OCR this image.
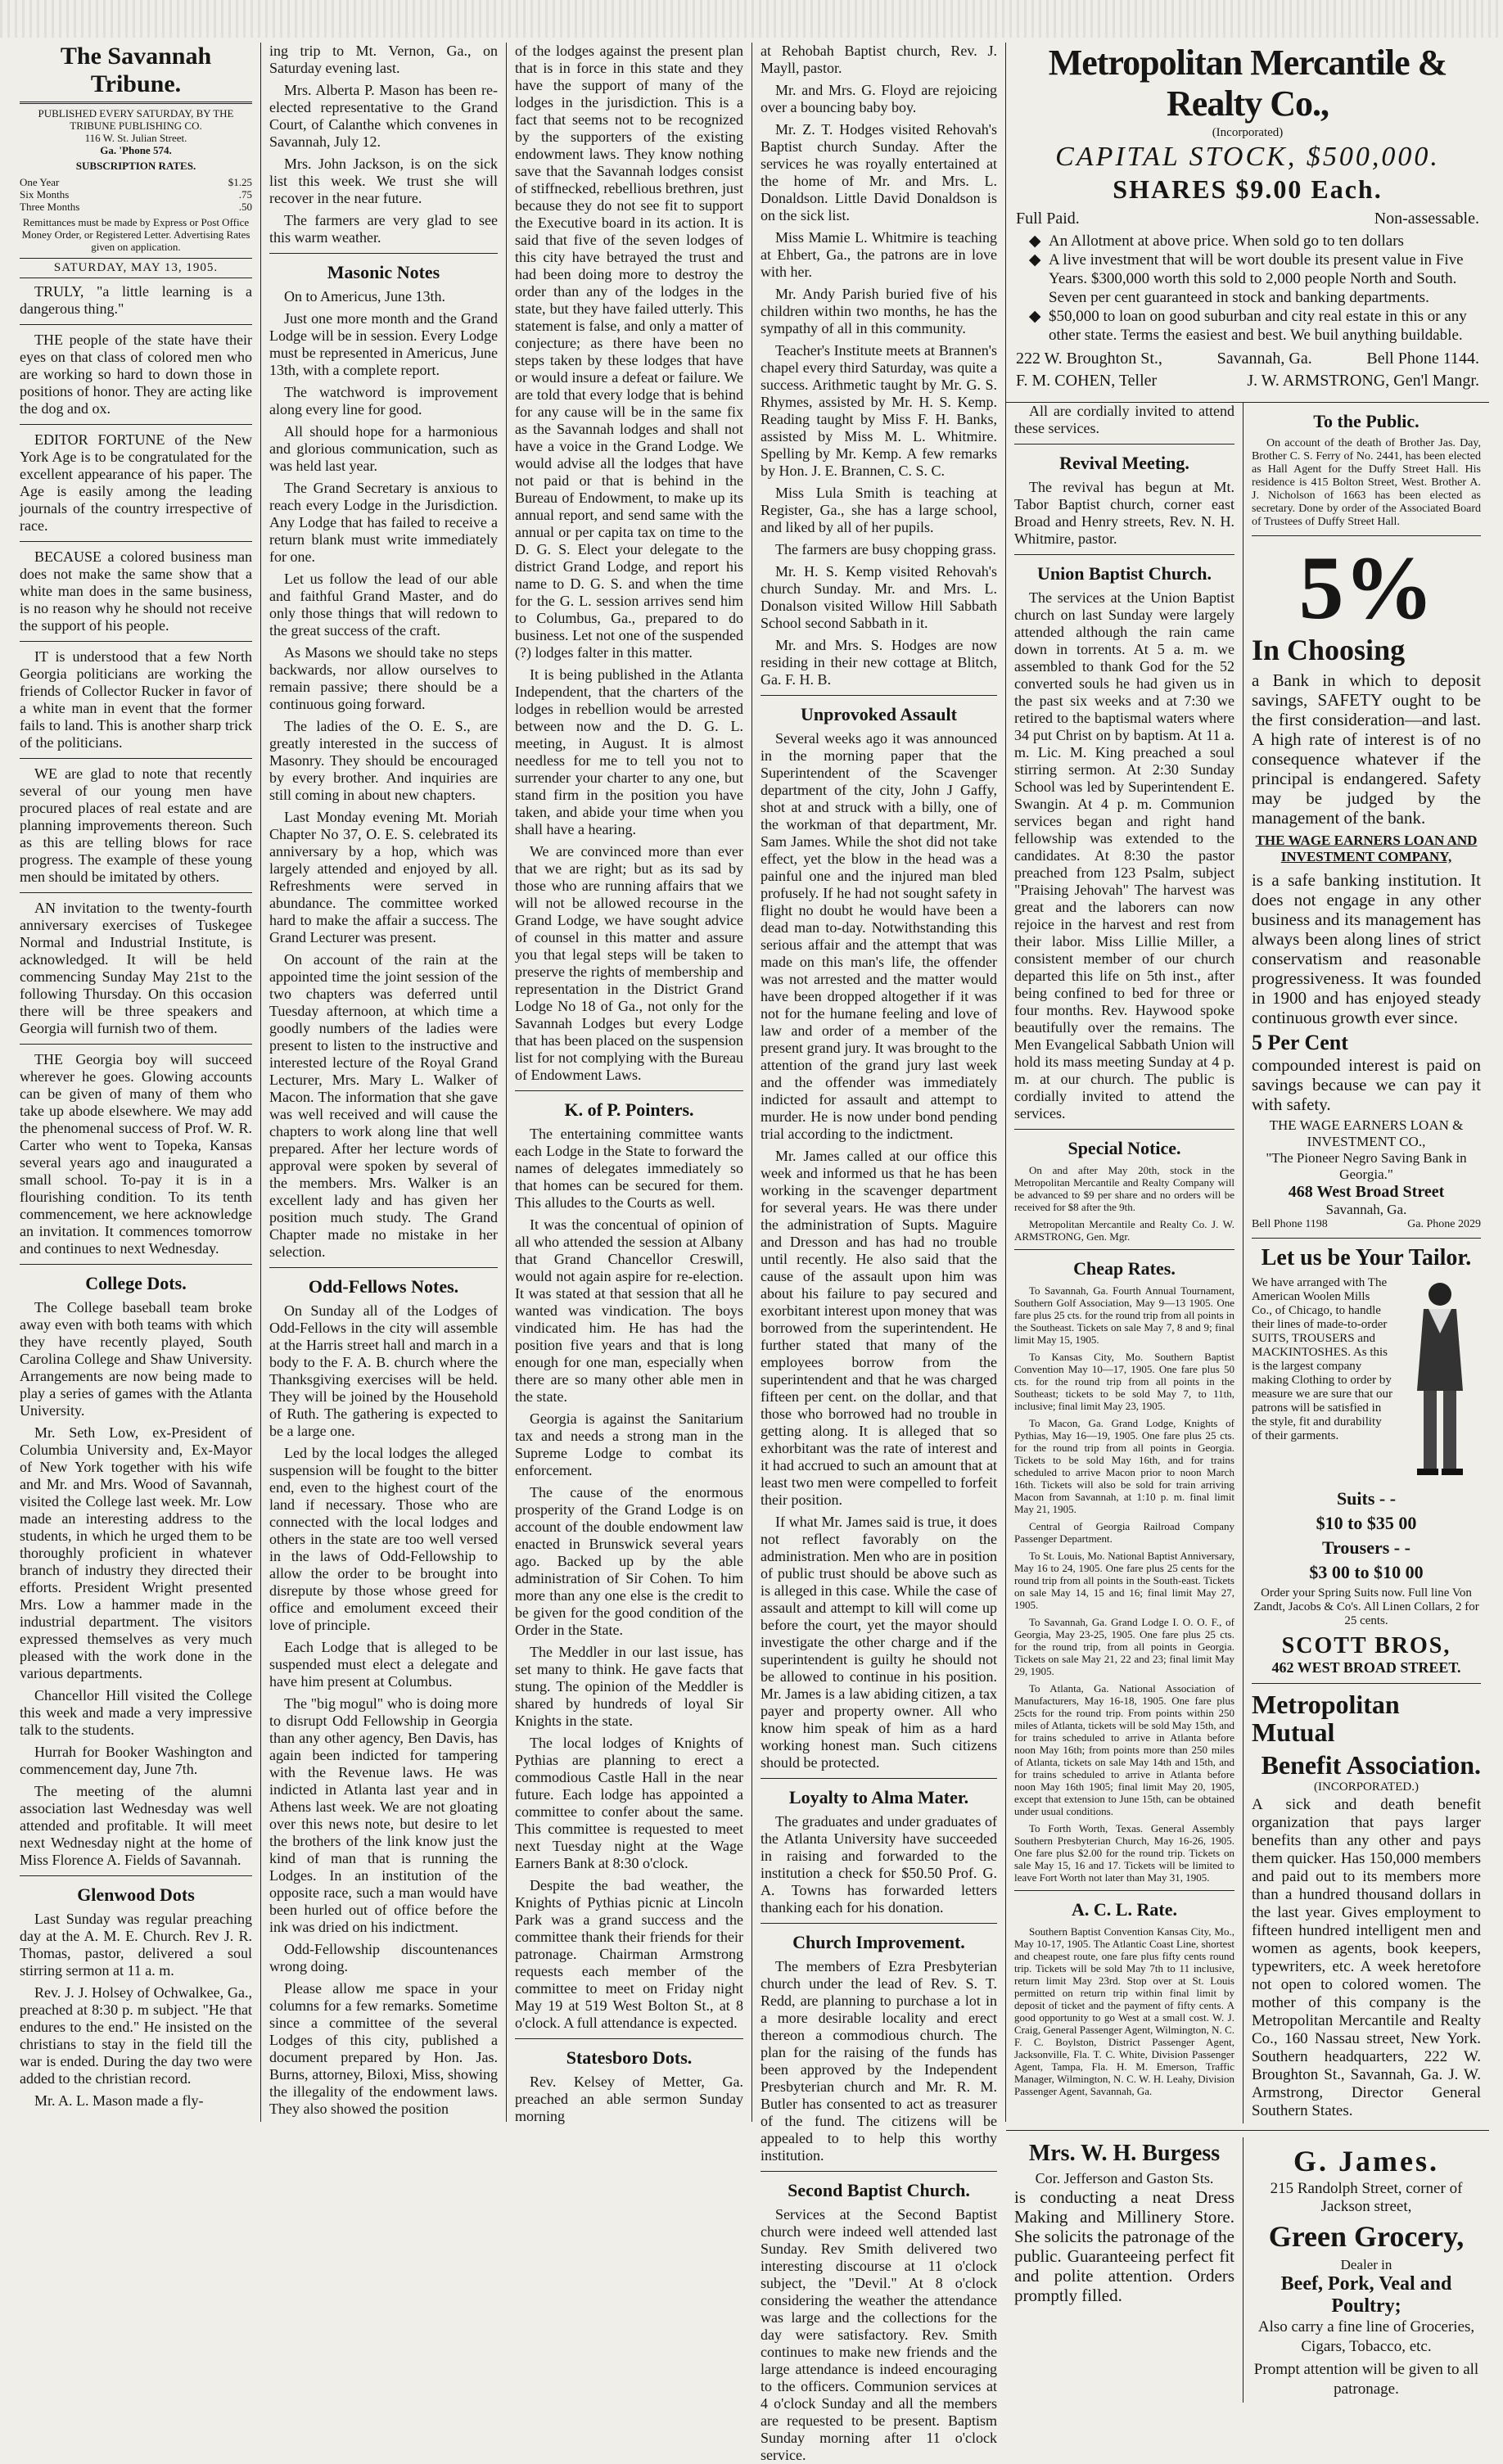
The Savannah Tribune.

PUBLISHED EVERY SATURDAY, BY THE TRIBUNE PUBLISHING CO.

116 W. St. Julian Street.

Ga. 'Phone 574.

SUBSCRIPTION RATES.
One Year	$1.25
Six Months	.75
Three Months	.50

Remittances must be made by Express or Post Office Money Order, or Registered Letter. Advertising Rates given on application.

SATURDAY, MAY 13, 1905.

TRULY, "a little learning is a dangerous thing."

THE people of the state have their eyes on that class of colored men who are working so hard to down those in positions of honor. They are acting like the dog and ox.

EDITOR FORTUNE of the New York Age is to be congratulated for the excellent appearance of his paper. The Age is easily among the leading journals of the country irrespective of race.

BECAUSE a colored business man does not make the same show that a white man does in the same business, is no reason why he should not receive the support of his people.

IT is understood that a few North Georgia politicians are working the friends of Collector Rucker in favor of a white man in event that the former fails to land. This is another sharp trick of the politicians.

WE are glad to note that recently several of our young men have procured places of real estate and are planning improvements thereon. Such as this are telling blows for race progress. The example of these young men should be imitated by others.

AN invitation to the twenty-fourth anniversary exercises of Tuskegee Normal and Industrial Institute, is acknowledged. It will be held commencing Sunday May 21st to the following Thursday. On this occasion there will be three speakers and Georgia will furnish two of them.

THE Georgia boy will succeed wherever he goes. Glowing accounts can be given of many of them who take up abode elsewhere. We may add the phenomenal success of Prof. W. R. Carter who went to Topeka, Kansas several years ago and inaugurated a small school. To-pay it is in a flourishing condition. To its tenth commencement, we here acknowledge an invitation. It commences tomorrow and continues to next Wednesday.

College Dots.

The College baseball team broke away even with both teams with which they have recently played, South Carolina College and Shaw University. Arrangements are now being made to play a series of games with the Atlanta University.

Mr. Seth Low, ex-President of Columbia University and, Ex-Mayor of New York together with his wife and Mr. and Mrs. Wood of Savannah, visited the College last week. Mr. Low made an interesting address to the students, in which he urged them to be thoroughly proficient in whatever branch of industry they directed their efforts. President Wright presented Mrs. Low a hammer made in the industrial department. The visitors expressed themselves as very much pleased with the work done in the various departments.

Chancellor Hill visited the College this week and made a very impressive talk to the students.

Hurrah for Booker Washington and commencement day, June 7th.

The meeting of the alumni association last Wednesday was well attended and profitable. It will meet next Wednesday night at the home of Miss Florence A. Fields of Savannah.

Glenwood Dots

Last Sunday was regular preaching day at the A. M. E. Church. Rev J. R. Thomas, pastor, delivered a soul stirring sermon at 11 a. m.

Rev. J. J. Holsey of Ochwalkee, Ga., preached at 8:30 p. m subject. "He that endures to the end." He insisted on the christians to stay in the field till the war is ended. During the day two were added to the christian record.

Mr. A. L. Mason made a fly-

ing trip to Mt. Vernon, Ga., on Saturday evening last.

Mrs. Alberta P. Mason has been re-elected representative to the Grand Court, of Calanthe which convenes in Savannah, July 12.

Mrs. John Jackson, is on the sick list this week. We trust she will recover in the near future.

The farmers are very glad to see this warm weather.

Masonic Notes

On to Americus, June 13th.

Just one more month and the Grand Lodge will be in session. Every Lodge must be represented in Americus, June 13th, with a complete report.

The watchword is improvement along every line for good.

All should hope for a harmonious and glorious communication, such as was held last year.

The Grand Secretary is anxious to reach every Lodge in the Jurisdiction. Any Lodge that has failed to receive a return blank must write immediately for one.

Let us follow the lead of our able and faithful Grand Master, and do only those things that will redown to the great success of the craft.

As Masons we should take no steps backwards, nor allow ourselves to remain passive; there should be a continuous going forward.

The ladies of the O. E. S., are greatly interested in the success of Masonry. They should be encouraged by every brother. And inquiries are still coming in about new chapters.

Last Monday evening Mt. Moriah Chapter No 37, O. E. S. celebrated its anniversary by a hop, which was largely attended and enjoyed by all. Refreshments were served in abundance. The committee worked hard to make the affair a success. The Grand Lecturer was present.

On account of the rain at the appointed time the joint session of the two chapters was deferred until Tuesday afternoon, at which time a goodly numbers of the ladies were present to listen to the instructive and interested lecture of the Royal Grand Lecturer, Mrs. Mary L. Walker of Macon. The information that she gave was well received and will cause the chapters to work along line that well prepared. After her lecture words of approval were spoken by several of the members. Mrs. Walker is an excellent lady and has given her position much study. The Grand Chapter made no mistake in her selection.

Odd-Fellows Notes.

On Sunday all of the Lodges of Odd-Fellows in the city will assemble at the Harris street hall and march in a body to the F. A. B. church where the Thanksgiving exercises will be held. They will be joined by the Household of Ruth. The gathering is expected to be a large one.

Led by the local lodges the alleged suspension will be fought to the bitter end, even to the highest court of the land if necessary. Those who are connected with the local lodges and others in the state are too well versed in the laws of Odd-Fellowship to allow the order to be brought into disrepute by those whose greed for office and emolument exceed their love of principle.

Each Lodge that is alleged to be suspended must elect a delegate and have him present at Columbus.

The "big mogul" who is doing more to disrupt Odd Fellowship in Georgia than any other agency, Ben Davis, has again been indicted for tampering with the Revenue laws. He was indicted in Atlanta last year and in Athens last week. We are not gloating over this news note, but desire to let the brothers of the link know just the kind of man that is running the Lodges. In an institution of the opposite race, such a man would have been hurled out of office before the ink was dried on his indictment.

Odd-Fellowship discountenances wrong doing.

Please allow me space in your columns for a few remarks. Sometime since a committee of the several Lodges of this city, published a document prepared by Hon. Jas. Burns, attorney, Biloxi, Miss, showing the illegality of the endowment laws. They also showed the position

of the lodges against the present plan that is in force in this state and they have the support of many of the lodges in the jurisdiction. This is a fact that seems not to be recognized by the supporters of the existing endowment laws. They know nothing save that the Savannah lodges consist of stiffnecked, rebellious brethren, just because they do not see fit to support the Executive board in its action. It is said that five of the seven lodges of this city have betrayed the trust and had been doing more to destroy the order than any of the lodges in the state, but they have failed utterly. This statement is false, and only a matter of conjecture; as there have been no steps taken by these lodges that have or would insure a defeat or failure. We are told that every lodge that is behind for any cause will be in the same fix as the Savannah lodges and shall not have a voice in the Grand Lodge. We would advise all the lodges that have not paid or that is behind in the Bureau of Endowment, to make up its annual report, and send same with the annual or per capita tax on time to the D. G. S. Elect your delegate to the district Grand Lodge, and report his name to D. G. S. and when the time for the G. L. session arrives send him to Columbus, Ga., prepared to do business. Let not one of the suspended (?) lodges falter in this matter.

It is being published in the Atlanta Independent, that the charters of the lodges in rebellion would be arrested between now and the D. G. L. meeting, in August. It is almost needless for me to tell you not to surrender your charter to any one, but stand firm in the position you have taken, and abide your time when you shall have a hearing.

We are convinced more than ever that we are right; but as its sad by those who are running affairs that we will not be allowed recourse in the Grand Lodge, we have sought advice of counsel in this matter and assure you that legal steps will be taken to preserve the rights of membership and representation in the District Grand Lodge No 18 of Ga., not only for the Savannah Lodges but every Lodge that has been placed on the suspension list for not complying with the Bureau of Endowment Laws.

K. of P. Pointers.

The entertaining committee wants each Lodge in the State to forward the names of delegates immediately so that homes can be secured for them. This alludes to the Courts as well.

It was the concentual of opinion of all who attended the session at Albany that Grand Chancellor Creswill, would not again aspire for re-election. It was stated at that session that all he wanted was vindication. The boys vindicated him. He has had the position five years and that is long enough for one man, especially when there are so many other able men in the state.

Georgia is against the Sanitarium tax and needs a strong man in the Supreme Lodge to combat its enforcement.

The cause of the enormous prosperity of the Grand Lodge is on account of the double endowment law enacted in Brunswick several years ago. Backed up by the able administration of Sir Cohen. To him more than any one else is the credit to be given for the good condition of the Order in the State.

The Meddler in our last issue, has set many to think. He gave facts that stung. The opinion of the Meddler is shared by hundreds of loyal Sir Knights in the state.

The local lodges of Knights of Pythias are planning to erect a commodious Castle Hall in the near future. Each lodge has appointed a committee to confer about the same. This committee is requested to meet next Tuesday night at the Wage Earners Bank at 8:30 o'clock.

Despite the bad weather, the Knights of Pythias picnic at Lincoln Park was a grand success and the committee thank their friends for their patronage. Chairman Armstrong requests each member of the committee to meet on Friday night May 19 at 519 West Bolton St., at 8 o'clock. A full attendance is expected.

Statesboro Dots.

Rev. Kelsey of Metter, Ga. preached an able sermon Sunday morning

at Rehobah Baptist church, Rev. J. Mayll, pastor.

Mr. and Mrs. G. Floyd are rejoicing over a bouncing baby boy.

Mr. Z. T. Hodges visited Rehovah's Baptist church Sunday. After the services he was royally entertained at the home of Mr. and Mrs. L. Donaldson. Little David Donaldson is on the sick list.

Miss Mamie L. Whitmire is teaching at Ehbert, Ga., the patrons are in love with her.

Mr. Andy Parish buried five of his children within two months, he has the sympathy of all in this community.

Teacher's Institute meets at Brannen's chapel every third Saturday, was quite a success. Arithmetic taught by Mr. G. S. Rhymes, assisted by Mr. H. S. Kemp. Reading taught by Miss F. H. Banks, assisted by Miss M. L. Whitmire. Spelling by Mr. Kemp. A few remarks by Hon. J. E. Brannen, C. S. C.

Miss Lula Smith is teaching at Register, Ga., she has a large school, and liked by all of her pupils.

The farmers are busy chopping grass.

Mr. H. S. Kemp visited Rehovah's church Sunday. Mr. and Mrs. L. Donalson visited Willow Hill Sabbath School second Sabbath in it.

Mr. and Mrs. S. Hodges are now residing in their new cottage at Blitch, Ga. F. H. B.

Unprovoked Assault

Several weeks ago it was announced in the morning paper that the Superintendent of the Scavenger department of the city, John J Gaffy, shot at and struck with a billy, one of the workman of that department, Mr. Sam James. While the shot did not take effect, yet the blow in the head was a painful one and the injured man bled profusely. If he had not sought safety in flight no doubt he would have been a dead man to-day. Notwithstanding this serious affair and the attempt that was made on this man's life, the offender was not arrested and the matter would have been dropped altogether if it was not for the humane feeling and love of law and order of a member of the present grand jury. It was brought to the attention of the grand jury last week and the offender was immediately indicted for assault and attempt to murder. He is now under bond pending trial according to the indictment.

Mr. James called at our office this week and informed us that he has been working in the scavenger department for several years. He was there under the administration of Supts. Maguire and Dresson and has had no trouble until recently. He also said that the cause of the assault upon him was about his failure to pay secured and exorbitant interest upon money that was borrowed from the superintendent. He further stated that many of the employees borrow from the superintendent and that he was charged fifteen per cent. on the dollar, and that those who borrowed had no trouble in getting along. It is alleged that so exhorbitant was the rate of interest and it had accrued to such an amount that at least two men were compelled to forfeit their position.

If what Mr. James said is true, it does not reflect favorably on the administration. Men who are in position of public trust should be above such as is alleged in this case. While the case of assault and attempt to kill will come up before the court, yet the mayor should investigate the other charge and if the superintendent is guilty he should not be allowed to continue in his position. Mr. James is a law abiding citizen, a tax payer and property owner. All who know him speak of him as a hard working honest man. Such citizens should be protected.

Loyalty to Alma Mater.

The graduates and under graduates of the Atlanta University have succeeded in raising and forwarded to the institution a check for $50.50 Prof. G. A. Towns has forwarded letters thanking each for his donation.

Church Improvement.

The members of Ezra Presbyterian church under the lead of Rev. S. T. Redd, are planning to purchase a lot in a more desirable locality and erect thereon a commodious church. The plan for the raising of the funds has been approved by the Independent Presbyterian church and Mr. R. M. Butler has consented to act as treasurer of the fund. The citizens will be appealed to to help this worthy institution.

Second Baptist Church.

Services at the Second Baptist church were indeed well attended last Sunday. Rev Smith delivered two interesting discourse at 11 o'clock subject, the "Devil." At 8 o'clock considering the weather the attendance was large and the collections for the day were satisfactory. Rev. Smith continues to make new friends and the large attendance is indeed encouraging to the officers. Communion services at 4 o'clock Sunday and all the members are requested to be present. Baptism Sunday morning after 11 o'clock service.

Metropolitan Mercantile & Realty Co.,
(Incorporated)
CAPITAL STOCK, $500,000.
SHARES $9.00 Each.
Full Paid.	Non-assessable.
◆ An Allotment at above price. When sold go to ten dollars
◆ A live investment that will be wort double its present value in Five Years. $300,000 worth this sold to 2,000 people North and South. Seven per cent guaranteed in stock and banking departments.
◆ $50,000 to loan on good suburban and city real estate in this or any other state. Terms the easiest and best. We buil anything buildable.
222 W. Broughton St.,	Savannah, Ga.	Bell Phone 1144.
F. M. COHEN, Teller	J. W. ARMSTRONG, Gen'l Mangr.

All are cordially invited to attend these services.

Revival Meeting.

The revival has begun at Mt. Tabor Baptist church, corner east Broad and Henry streets, Rev. N. H. Whitmire, pastor.

Union Baptist Church.

The services at the Union Baptist church on last Sunday were largely attended although the rain came down in torrents. At 5 a. m. we assembled to thank God for the 52 converted souls he had given us in the past six weeks and at 7:30 we retired to the baptismal waters where 34 put Christ on by baptism. At 11 a. m. Lic. M. King preached a soul stirring sermon. At 2:30 Sunday School was led by Superintendent E. Swangin. At 4 p. m. Communion services began and right hand fellowship was extended to the candidates. At 8:30 the pastor preached from 123 Psalm, subject "Praising Jehovah" The harvest was great and the laborers can now rejoice in the harvest and rest from their labor. Miss Lillie Miller, a consistent member of our church departed this life on 5th inst., after being confined to bed for three or four months. Rev. Haywood spoke beautifully over the remains. The Men Evangelical Sabbath Union will hold its mass meeting Sunday at 4 p. m. at our church. The public is cordially invited to attend the services.

Special Notice.

On and after May 20th, stock in the Metropolitan Mercantile and Realty Company will be advanced to $9 per share and no orders will be received for $8 after the 9th.

Metropolitan Mercantile and Realty Co. J. W. ARMSTRONG, Gen. Mgr.

Cheap Rates.

To Savannah, Ga. Fourth Annual Tournament, Southern Golf Association, May 9—13 1905. One fare plus 25 cts. for the round trip from all points in the Southeast. Tickets on sale May 7, 8 and 9; final limit May 15, 1905.

To Kansas City, Mo. Southern Baptist Convention May 10—17, 1905. One fare plus 50 cts. for the round trip from all points in the Southeast; tickets to be sold May 7, to 11th, inclusive; final limit May 23, 1905.

To Macon, Ga. Grand Lodge, Knights of Pythias, May 16—19, 1905. One fare plus 25 cts. for the round trip from all points in Georgia. Tickets to be sold May 16th, and for trains scheduled to arrive Macon prior to noon March 16th. Tickets will also be sold for train arriving Macon from Savannah, at 1:10 p. m. final limit May 21, 1905.

Central of Georgia Railroad Company Passenger Department.

To St. Louis, Mo. National Baptist Anniversary, May 16 to 24, 1905. One fare plus 25 cents for the round trip from all points in the South-east. Tickets on sale May 14, 15 and 16; final limit May 27, 1905.

To Savannah, Ga. Grand Lodge I. O. O. F., of Georgia, May 23-25, 1905. One fare plus 25 cts. for the round trip, from all points in Georgia. Tickets on sale May 21, 22 and 23; final limit May 29, 1905.

To Atlanta, Ga. National Association of Manufacturers, May 16-18, 1905. One fare plus 25cts for the round trip. From points within 250 miles of Atlanta, tickets will be sold May 15th, and for trains scheduled to arrive in Atlanta before noon May 16th; from points more than 250 miles of Atlanta, tickets on sale May 14th and 15th, and for trains scheduled to arrive in Atlanta before noon May 16th 1905; final limit May 20, 1905, except that extension to June 15th, can be obtained under usual conditions.

To Forth Worth, Texas. General Assembly Southern Presbyterian Church, May 16-26, 1905. One fare plus $2.00 for the round trip. Tickets on sale May 15, 16 and 17. Tickets will be limited to leave Fort Worth not later than May 31, 1905.

A. C. L. Rate.

Southern Baptist Convention Kansas City, Mo., May 10-17, 1905. The Atlantic Coast Line, shortest and cheapest route, one fare plus fifty cents round trip. Tickets will be sold May 7th to 11 inclusive, return limit May 23rd. Stop over at St. Louis permitted on return trip within final limit by deposit of ticket and the payment of fifty cents. A good opportunity to go West at a small cost. W. J. Craig, General Passenger Agent, Wilmington, N. C. F. C. Boylston, District Passenger Agent, Jacksonville, Fla. T. C. White, Division Passenger Agent, Tampa, Fla. H. M. Emerson, Traffic Manager, Wilmington, N. C. W. H. Leahy, Division Passenger Agent, Savannah, Ga.

To the Public.

On account of the death of Brother Jas. Day, Brother C. S. Ferry of No. 2441, has been elected as Hall Agent for the Duffy Street Hall. His residence is 415 Bolton Street, West. Brother A. J. Nicholson of 1663 has been elected as secretary. Done by order of the Associated Board of Trustees of Duffy Street Hall.

5%
In Choosing
a Bank in which to deposit savings, SAFETY ought to be the first consideration—and last. A high rate of interest is of no consequence whatever if the principal is endangered. Safety may be judged by the management of the bank.
THE WAGE EARNERS LOAN AND INVESTMENT COMPANY,
is a safe banking institution. It does not engage in any other business and its management has always been along lines of strict conservatism and reasonable progressiveness. It was founded in 1900 and has enjoyed steady continuous growth ever since.
5 Per Cent
compounded interest is paid on savings because we can pay it with safety.
THE WAGE EARNERS LOAN & INVESTMENT CO.,
"The Pioneer Negro Saving Bank in Georgia."
468 West Broad Street
Savannah, Ga.
Bell Phone 1198	Ga. Phone 2029
Let us be Your Tailor.
We have arranged with The American Woolen Mills Co., of Chicago, to handle their lines of made-to-order SUITS, TROUSERS and MACKINTOSHES. As this is the largest company making Clothing to order by measure we are sure that our patrons will be satisfied in the style, fit and durability of their garments.
Suits - -
$10 to $35 00
Trousers - -
$3 00 to $10 00
Order your Spring Suits now. Full line Von Zandt, Jacobs & Co's. All Linen Collars, 2 for 25 cents.
SCOTT BROS,
462 WEST BROAD STREET.
Metropolitan Mutual
Benefit Association.
(INCORPORATED.)
A sick and death benefit organization that pays larger benefits than any other and pays them quicker. Has 150,000 members and paid out to its members more than a hundred thousand dollars in the last year. Gives employment to fifteen hundred intelligent men and women as agents, book keepers, typewriters, etc. A week heretofore not open to colored women. The mother of this company is the Metropolitan Mercantile and Realty Co., 160 Nassau street, New York. Southern headquarters, 222 W. Broughton St., Savannah, Ga. J. W. Armstrong, Director General Southern States.
Mrs. W. H. Burgess
Cor. Jefferson and Gaston Sts.
is conducting a neat Dress Making and Millinery Store. She solicits the patronage of the public. Guaranteeing perfect fit and polite attention. Orders promptly filled.
G. James.
215 Randolph Street, corner of Jackson street,
Green Grocery,
Dealer in
Beef, Pork, Veal and Poultry;
Also carry a fine line of Groceries, Cigars, Tobacco, etc.
Prompt attention will be given to all patronage.
